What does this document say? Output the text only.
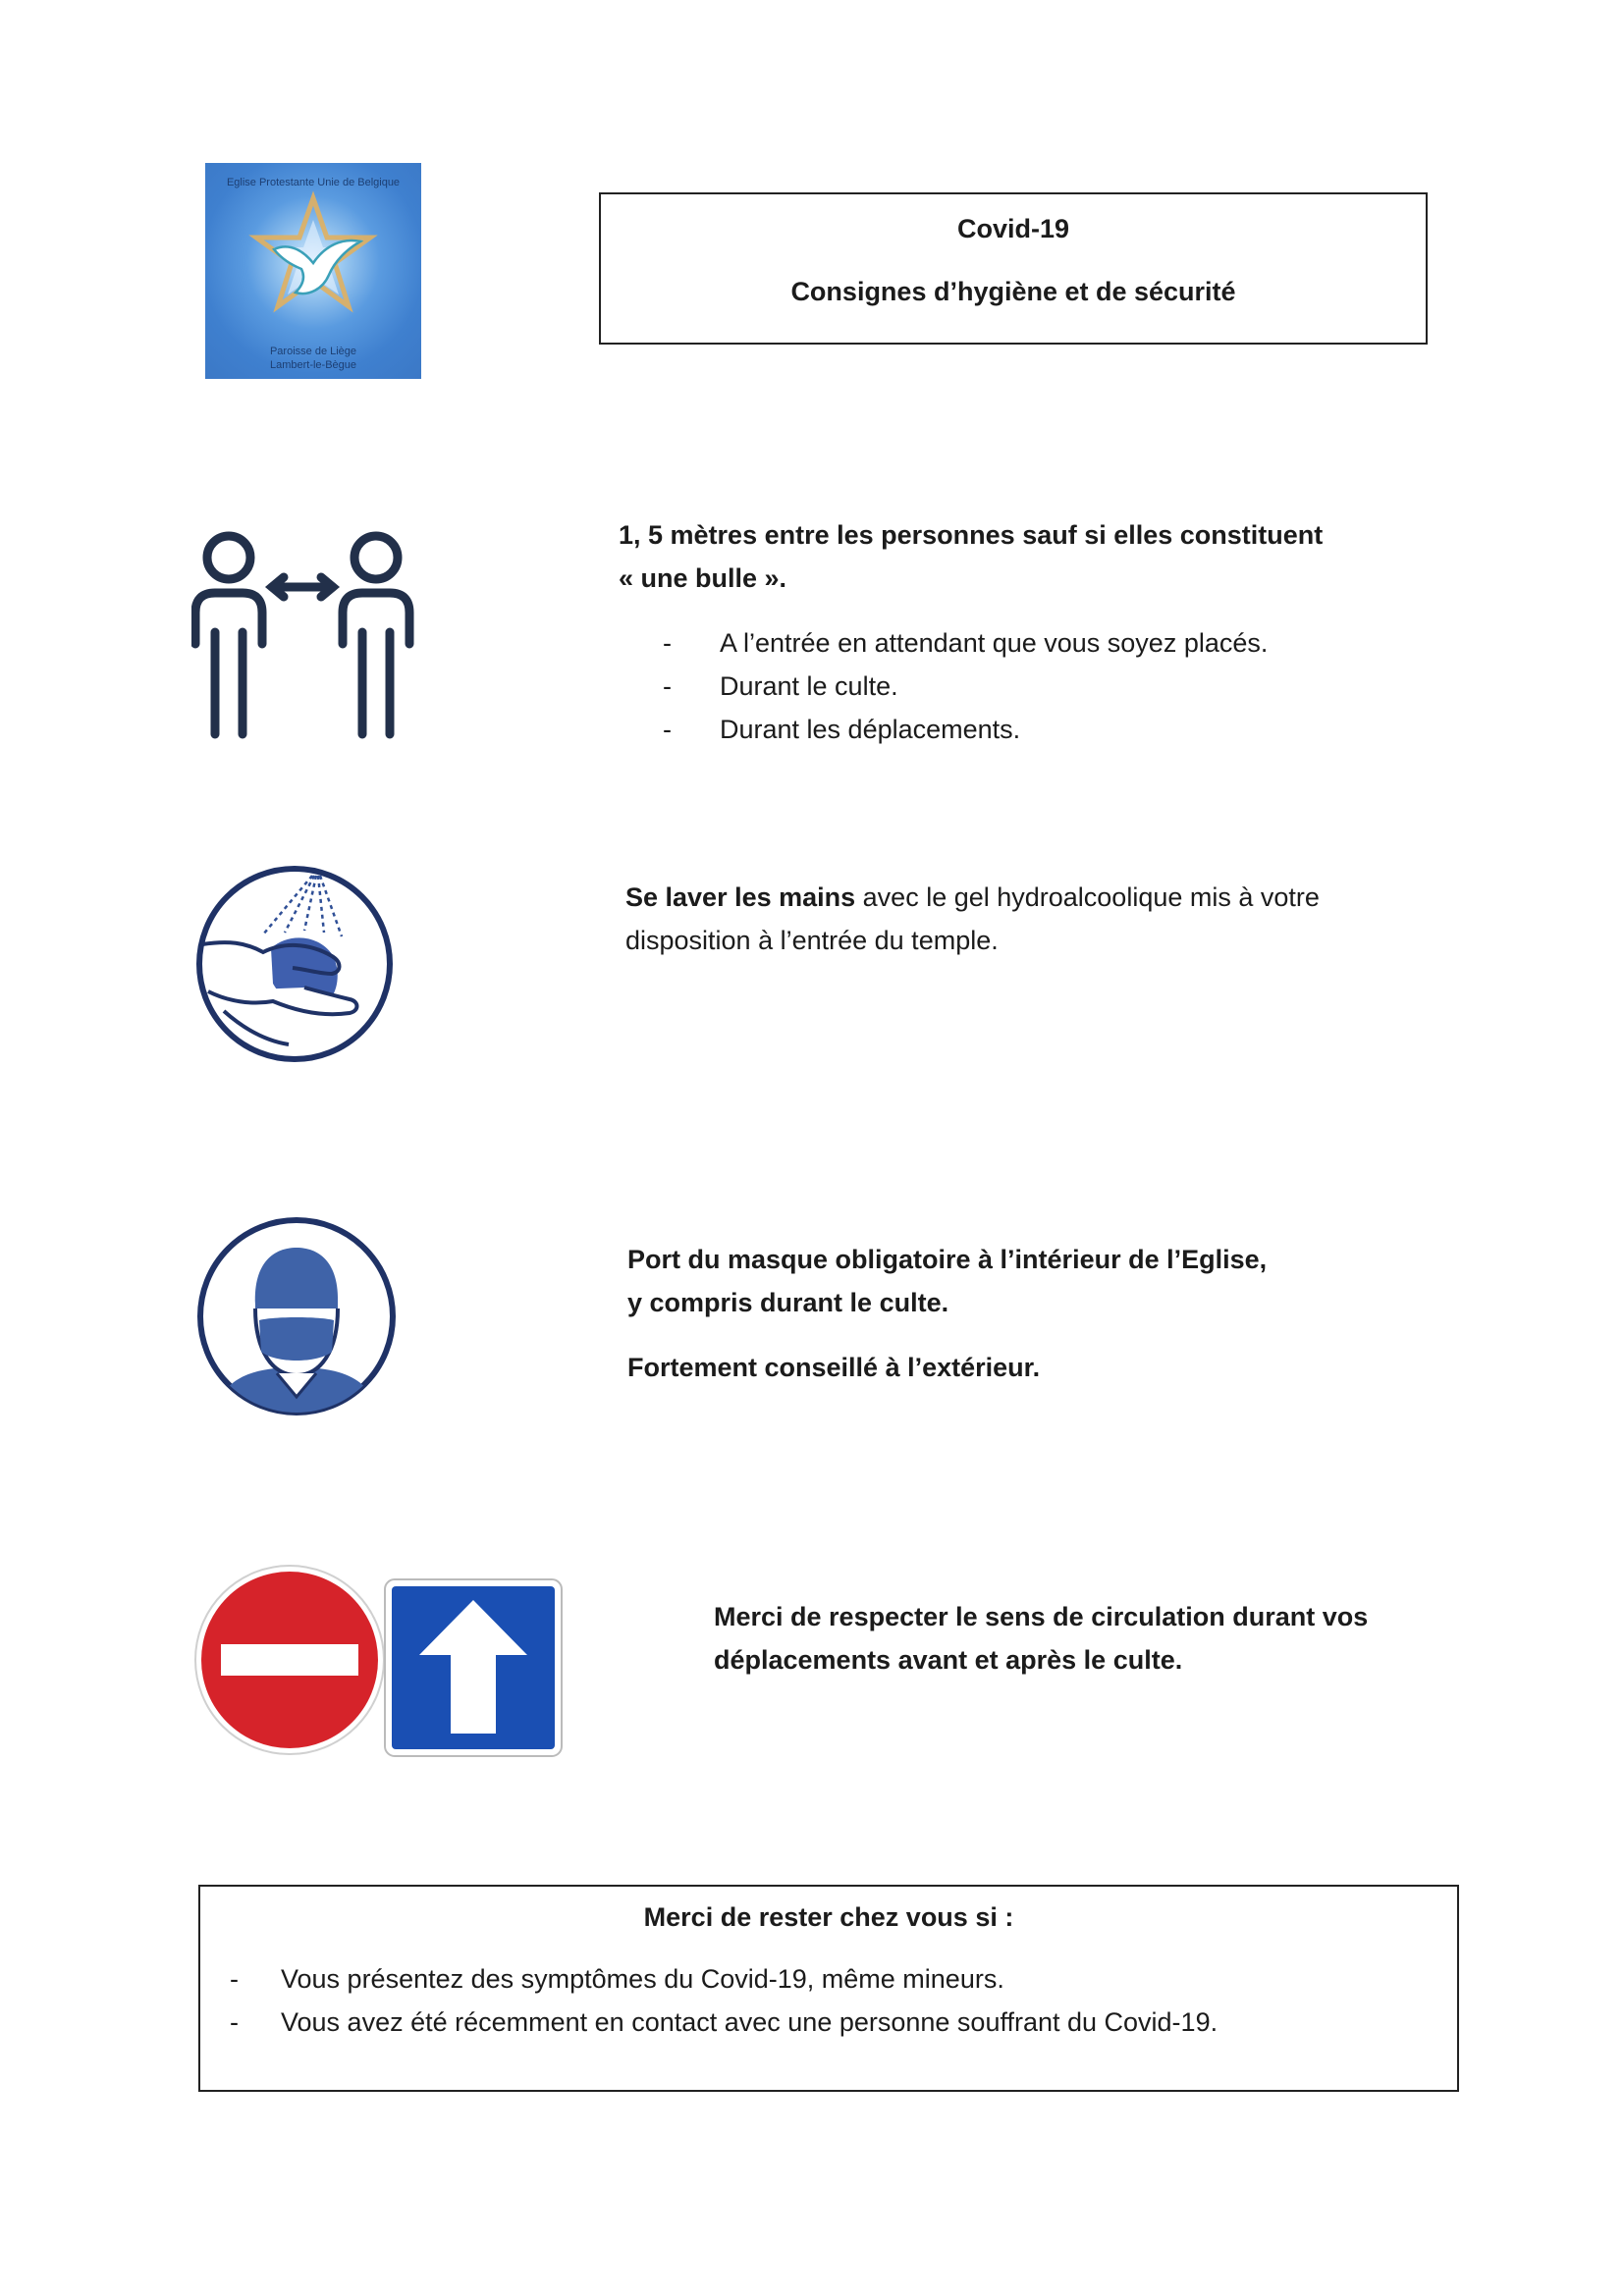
Eglise Protestante Unie de Belgique
Paroisse de Liège
Lambert-le-Bègue
Covid-19
Consignes d’hygiène et de sécurité
1, 5 mètres entre les personnes sauf si elles constituent
« une bulle ».
- A l’entrée en attendant que vous soyez placés.
- Durant le culte.
- Durant les déplacements.
Se laver les mains avec le gel hydroalcoolique mis à votre
disposition à l’entrée du temple.
Port du masque obligatoire à l’intérieur de l’Eglise,
y compris durant le culte.
Fortement conseillé à l’extérieur.
Merci de respecter le sens de circulation durant vos
déplacements avant et après le culte.
Merci de rester chez vous si :
- Vous présentez des symptômes du Covid-19, même mineurs.
- Vous avez été récemment en contact avec une personne souffrant du Covid-19.
